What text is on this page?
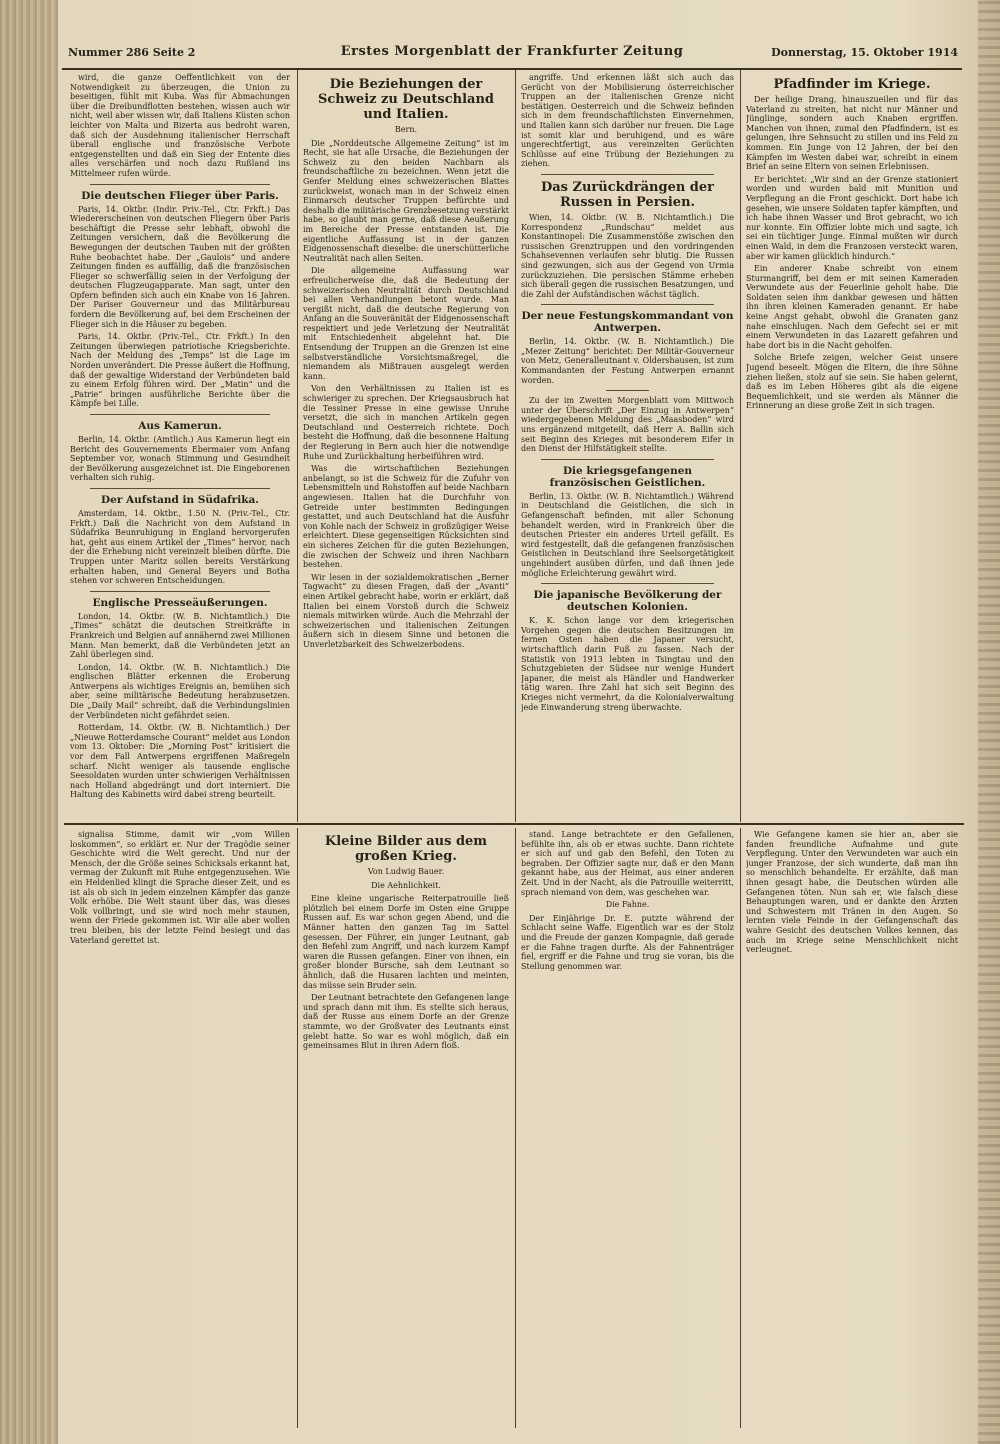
Nummer 286 Seite 2	Erstes Morgenblatt der Frankfurter Zeitung	Donnerstag, 15. Oktober 1914

wird, die ganze Oeffentlichkeit von der Notwendigkeit zu überzeugen, die Union zu beseitigen, fühlt mit Kuba. Was für Abmachungen über die Dreibundflotten bestehen, wissen auch wir nicht, weil aber wissen wir, daß Italiens Küsten schon leichter von Malta und Bizerta aus bedroht waren, daß sich der Ausdehnung italienischer Herrschaft überall englische und französische Verbote entgegenstellten und daß ein Sieg der Entente dies alles verschärfen und noch dazu Rußland ins Mittelmeer rufen würde.

Die deutschen Flieger über Paris.

Paris, 14. Oktbr. (Indir. Priv.-Tel., Ctr. Frkft.) Das Wiedererscheinen von deutschen Fliegern über Paris beschäftigt die Presse sehr lebhaft, obwohl die Zeitungen versichern, daß die Bevölkerung die Bewegungen der deutschen Tauben mit der größten Ruhe beobachtet habe. Der „Gaulois“ und andere Zeitungen finden es auffällig, daß die französischen Flieger so schwerfällig seien in der Verfolgung der deutschen Flugzeugapparate. Man sagt, unter den Opfern befinden sich auch ein Knabe von 16 Jahren. Der Pariser Gouverneur und das Militärbureau fordern die Bevölkerung auf, bei dem Erscheinen der Flieger sich in die Häuser zu begeben.

Paris, 14. Oktbr. (Priv.-Tel., Ctr. Frkft.) In den Zeitungen überwiegen patriotische Kriegsberichte. Nach der Meldung des „Temps“ ist die Lage im Norden unverändert. Die Presse äußert die Hoffnung, daß der gewaltige Widerstand der Verbündeten bald zu einem Erfolg führen wird. Der „Matin“ und die „Patrie“ bringen ausführliche Berichte über die Kämpfe bei Lille.

Aus Kamerun.

Berlin, 14. Oktbr. (Amtlich.) Aus Kamerun liegt ein Bericht des Gouvernements Ebermaier vom Anfang September vor, wonach Stimmung und Gesundheit der Bevölkerung ausgezeichnet ist. Die Eingeborenen verhalten sich ruhig.

Der Aufstand in Südafrika.

Amsterdam, 14. Oktbr., 1.50 N. (Priv.-Tel., Ctr. Frkft.) Daß die Nachricht von dem Aufstand in Südafrika Beunruhigung in England hervorgerufen hat, geht aus einem Artikel der „Times“ hervor, nach der die Erhebung nicht vereinzelt bleiben dürfte. Die Truppen unter Maritz sollen bereits Verstärkung erhalten haben, und General Beyers und Botha stehen vor schweren Entscheidungen.

Englische Presseäußerungen.

London, 14. Oktbr. (W. B. Nichtamtlich.) Die „Times“ schätzt die deutschen Streitkräfte in Frankreich und Belgien auf annähernd zwei Millionen Mann. Man bemerkt, daß die Verbündeten jetzt an Zahl überlegen sind.

London, 14. Oktbr. (W. B. Nichtamtlich.) Die englischen Blätter erkennen die Eroberung Antwerpens als wichtiges Ereignis an, bemühen sich aber, seine militärische Bedeutung herabzusetzen. Die „Daily Mail“ schreibt, daß die Verbindungslinien der Verbündeten nicht gefährdet seien.

Rotterdam, 14. Oktbr. (W. B. Nichtamtlich.) Der „Nieuwe Rotterdamsche Courant“ meldet aus London vom 13. Oktober: Die „Morning Post“ kritisiert die vor dem Fall Antwerpens ergriffenen Maßregeln scharf. Nicht weniger als tausende englische Seesoldaten wurden unter schwierigen Verhältnissen nach Holland abgedrängt und dort interniert. Die Haltung des Kabinetts wird dabei streng beurteilt.

Die Beziehungen der Schweiz zu Deutschland und Italien.
Bern.

Die „Norddeutsche Allgemeine Zeitung“ ist im Recht, sie hat alle Ursache, die Beziehungen der Schweiz zu den beiden Nachbarn als freundschaftliche zu bezeichnen. Wenn jetzt die Genfer Meldung eines schweizerischen Blattes zurückweist, wonach man in der Schweiz einen Einmarsch deutscher Truppen befürchte und deshalb die militärische Grenzbesetzung verstärkt habe, so glaubt man gerne, daß diese Aeußerung im Bereiche der Presse entstanden ist. Die eigentliche Auffassung ist in der ganzen Eidgenossenschaft dieselbe: die unerschütterliche Neutralität nach allen Seiten.

Die allgemeine Auffassung war erfreulicherweise die, daß die Bedeutung der schweizerischen Neutralität durch Deutschland bei allen Verhandlungen betont wurde. Man vergißt nicht, daß die deutsche Regierung von Anfang an die Souveränität der Eidgenossenschaft respektiert und jede Verletzung der Neutralität mit Entschiedenheit abgelehnt hat. Die Entsendung der Truppen an die Grenzen ist eine selbstverständliche Vorsichtsmaßregel, die niemandem als Mißtrauen ausgelegt werden kann.

Von den Verhältnissen zu Italien ist es schwieriger zu sprechen. Der Kriegsausbruch hat die Tessiner Presse in eine gewisse Unruhe versetzt, die sich in manchen Artikeln gegen Deutschland und Oesterreich richtete. Doch besteht die Hoffnung, daß die besonnene Haltung der Regierung in Bern auch hier die notwendige Ruhe und Zurückhaltung herbeiführen wird.

Was die wirtschaftlichen Beziehungen anbelangt, so ist die Schweiz für die Zufuhr von Lebensmitteln und Rohstoffen auf beide Nachbarn angewiesen. Italien hat die Durchfuhr von Getreide unter bestimmten Bedingungen gestattet, und auch Deutschland hat die Ausfuhr von Kohle nach der Schweiz in großzügiger Weise erleichtert. Diese gegenseitigen Rücksichten sind ein sicheres Zeichen für die guten Beziehungen, die zwischen der Schweiz und ihren Nachbarn bestehen.

Wir lesen in der sozialdemokratischen „Berner Tagwacht“ zu diesen Fragen, daß der „Avanti“ einen Artikel gebracht habe, worin er erklärt, daß Italien bei einem Vorstoß durch die Schweiz niemals mitwirken würde. Auch die Mehrzahl der schweizerischen und italienischen Zeitungen äußern sich in diesem Sinne und betonen die Unverletzbarkeit des Schweizerbodens.

angriffe. Und erkennen läßt sich auch das Gerücht von der Mobilisierung österreichischer Truppen an der italienischen Grenze nicht bestätigen. Oesterreich und die Schweiz befinden sich in dem freundschaftlichsten Einvernehmen, und Italien kann sich darüber nur freuen. Die Lage ist somit klar und beruhigend, und es wäre ungerechtfertigt, aus vereinzelten Gerüchten Schlüsse auf eine Trübung der Beziehungen zu ziehen.

Das Zurückdrängen der Russen in Persien.

Wien, 14. Oktbr. (W. B. Nichtamtlich.) Die Korrespondenz „Rundschau“ meldet aus Konstantinopel: Die Zusammenstöße zwischen den russischen Grenztruppen und den vordringenden Schahsevennen verlaufen sehr blutig. Die Russen sind gezwungen, sich aus der Gegend von Urmia zurückzuziehen. Die persischen Stämme erheben sich überall gegen die russischen Besatzungen, und die Zahl der Aufständischen wächst täglich.

Der neue Festungskommandant von Antwerpen.

Berlin, 14. Oktbr. (W. B. Nichtamtlich.) Die „Mezer Zeitung“ berichtet: Der Militär-Gouverneur von Metz, Generalleutnant v. Oldershausen, ist zum Kommandanten der Festung Antwerpen ernannt worden.

Zu der im Zweiten Morgenblatt vom Mittwoch unter der Überschrift „Der Einzug in Antwerpen“ wiedergegebenen Meldung des „Maasboden“ wird uns ergänzend mitgeteilt, daß Herr A. Ballin sich seit Beginn des Krieges mit besonderem Eifer in den Dienst der Hilfstätigkeit stellte.

Die kriegsgefangenen französischen Geistlichen.

Berlin, 13. Oktbr. (W. B. Nichtamtlich.) Während in Deutschland die Geistlichen, die sich in Gefangenschaft befinden, mit aller Schonung behandelt werden, wird in Frankreich über die deutschen Priester ein anderes Urteil gefällt. Es wird festgestellt, daß die gefangenen französischen Geistlichen in Deutschland ihre Seelsorgetätigkeit ungehindert ausüben dürfen, und daß ihnen jede mögliche Erleichterung gewährt wird.

Die japanische Bevölkerung der deutschen Kolonien.

K. K. Schon lange vor dem kriegerischen Vorgehen gegen die deutschen Besitzungen im fernen Osten haben die Japaner versucht, wirtschaftlich darin Fuß zu fassen. Nach der Statistik von 1913 lebten in Tsingtau und den Schutzgebieten der Südsee nur wenige Hundert Japaner, die meist als Händler und Handwerker tätig waren. Ihre Zahl hat sich seit Beginn des Krieges nicht vermehrt, da die Kolonialverwaltung jede Einwanderung streng überwachte.

Pfadfinder im Kriege.

Der heilige Drang, hinauszueilen und für das Vaterland zu streiten, hat nicht nur Männer und Jünglinge, sondern auch Knaben ergriffen. Manchen von ihnen, zumal den Pfadfindern, ist es gelungen, ihre Sehnsucht zu stillen und ins Feld zu kommen. Ein Junge von 12 Jahren, der bei den Kämpfen im Westen dabei war, schreibt in einem Brief an seine Eltern von seinen Erlebnissen.

Er berichtet: „Wir sind an der Grenze stationiert worden und wurden bald mit Munition und Verpflegung an die Front geschickt. Dort habe ich gesehen, wie unsere Soldaten tapfer kämpften, und ich habe ihnen Wasser und Brot gebracht, wo ich nur konnte. Ein Offizier lobte mich und sagte, ich sei ein tüchtiger Junge. Einmal mußten wir durch einen Wald, in dem die Franzosen versteckt waren, aber wir kamen glücklich hindurch.“

Ein anderer Knabe schreibt von einem Sturmangriff, bei dem er mit seinen Kameraden Verwundete aus der Feuerlinie geholt habe. Die Soldaten seien ihm dankbar gewesen und hätten ihn ihren kleinen Kameraden genannt. Er habe keine Angst gehabt, obwohl die Granaten ganz nahe einschlugen. Nach dem Gefecht sei er mit einem Verwundeten in das Lazarett gefahren und habe dort bis in die Nacht geholfen.

Solche Briefe zeigen, welcher Geist unsere Jugend beseelt. Mögen die Eltern, die ihre Söhne ziehen ließen, stolz auf sie sein. Sie haben gelernt, daß es im Leben Höheres gibt als die eigene Bequemlichkeit, und sie werden als Männer die Erinnerung an diese große Zeit in sich tragen.

signalisa Stimme, damit wir „vom Willen loskommen“, so erklärt er. Nur der Tragödie seiner Geschichte wird die Welt gerecht. Und nur der Mensch, der die Größe seines Schicksals erkannt hat, vermag der Zukunft mit Ruhe entgegenzusehen. Wie ein Heldenlied klingt die Sprache dieser Zeit, und es ist als ob sich in jedem einzelnen Kämpfer das ganze Volk erhöbe. Die Welt staunt über das, was dieses Volk vollbringt, und sie wird noch mehr staunen, wenn der Friede gekommen ist. Wir alle aber wollen treu bleiben, bis der letzte Feind besiegt und das Vaterland gerettet ist.

Kleine Bilder aus dem großen Krieg.
Von Ludwig Bauer.
Die Aehnlichkeit.

Eine kleine ungarische Reiterpatrouille ließ plötzlich bei einem Dorfe im Osten eine Gruppe Russen auf. Es war schon gegen Abend, und die Männer hatten den ganzen Tag im Sattel gesessen. Der Führer, ein junger Leutnant, gab den Befehl zum Angriff, und nach kurzem Kampf waren die Russen gefangen. Einer von ihnen, ein großer blonder Bursche, sah dem Leutnant so ähnlich, daß die Husaren lachten und meinten, das müsse sein Bruder sein.

Der Leutnant betrachtete den Gefangenen lange und sprach dann mit ihm. Es stellte sich heraus, daß der Russe aus einem Dorfe an der Grenze stammte, wo der Großvater des Leutnants einst gelebt hatte. So war es wohl möglich, daß ein gemeinsames Blut in ihren Adern floß.

stand. Lange betrachtete er den Gefallenen, befühlte ihn, als ob er etwas suchte. Dann richtete er sich auf und gab den Befehl, den Toten zu begraben. Der Offizier sagte nur, daß er den Mann gekannt habe, aus der Heimat, aus einer anderen Zeit. Und in der Nacht, als die Patrouille weiterritt, sprach niemand von dem, was geschehen war.

Die Fahne.

Der Einjährige Dr. E. putzte während der Schlacht seine Waffe. Eigentlich war es der Stolz und die Freude der ganzen Kompagnie, daß gerade er die Fahne tragen durfte. Als der Fahnenträger fiel, ergriff er die Fahne und trug sie voran, bis die Stellung genommen war.

Wie Gefangene kamen sie hier an, aber sie fanden freundliche Aufnahme und gute Verpflegung. Unter den Verwundeten war auch ein junger Franzose, der sich wunderte, daß man ihn so menschlich behandelte. Er erzählte, daß man ihnen gesagt habe, die Deutschen würden alle Gefangenen töten. Nun sah er, wie falsch diese Behauptungen waren, und er dankte den Ärzten und Schwestern mit Tränen in den Augen. So lernten viele Feinde in der Gefangenschaft das wahre Gesicht des deutschen Volkes kennen, das auch im Kriege seine Menschlichkeit nicht verleugnet.
